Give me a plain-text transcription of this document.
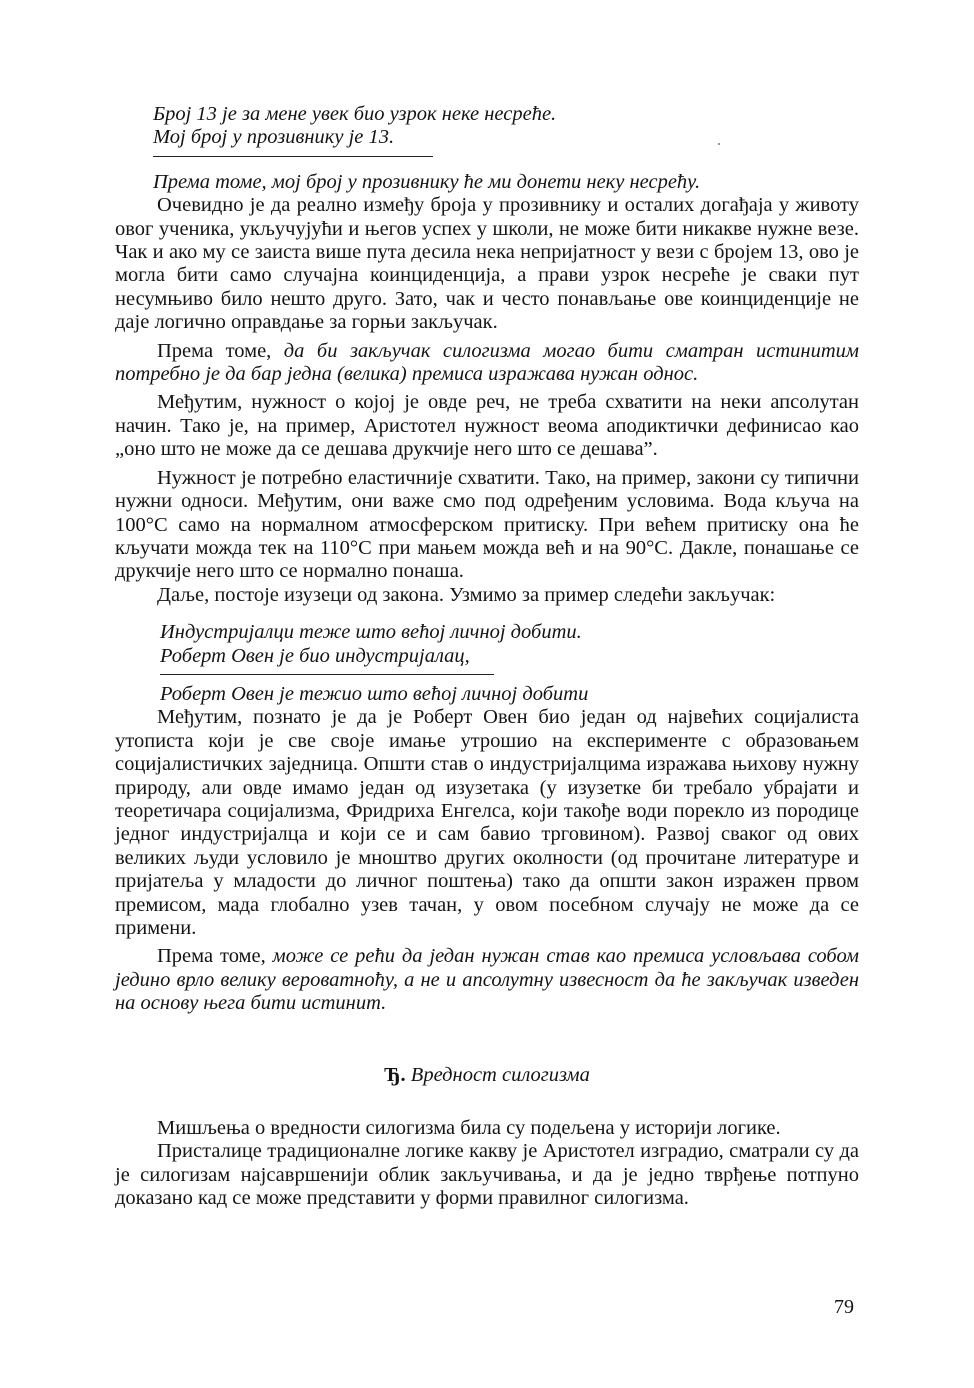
Број 13 је за мене увек био узрок неке несреће.
Мој број у прозивнику је 13.
Према томе, мој број у прозивнику ће ми донети неку несрећу.

Очевидно је да реално између броја у прозивнику и осталих догађаја у животу овог ученика, укључујући и његов успех у школи, не може бити никакве нужне везе. Чак и ако му се заиста више пута десила нека непријатност у вези с бројем 13, ово је могла бити само случајна коинциденција, а прави узрок несреће је сваки пут несумњиво било нешто друго. Зато, чак и често понављање ове коинциденције не даје логично оправдање за горњи закључак.

Према томе, да би закључак силогизма могао бити сматран истинитим потребно је да бар једна (велика) премиса изражава нужан однос.

Међутим, нужност о којој је овде реч, не треба схватити на неки апсолутан начин. Тако је, на пример, Аристотел нужност веома аподиктички дефинисао као „оно што не може да се дешава друкчије него што се дешава”.

Нужност је потребно еластичније схватити. Тако, на пример, закони су типични нужни односи. Међутим, они важе смо под одређеним условима. Вода кључа на 100°C само на нормалном атмосферском притиску. При већем притиску она ће кључати можда тек на 110°C при мањем можда већ и на 90°C. Дакле, понашање се друкчије него што се нормално понаша.

Даље, постоје изузеци од закона. Узмимо за пример следећи закључак:

Индустријалци теже што већој личној добити.
Роберт Овен је био индустријалац,
Роберт Овен је тежио што већој личној добити

Међутим, познато је да је Роберт Овен био један од највећих социјалиста утописта који је све своје имање утрошио на експерименте с образовањем социјалистичких заједница. Општи став о индустријалцима изражава њихову нужну природу, али овде имамо један од изузетака (у изузетке би требало убрајати и теоретичара социјализма, Фридриха Енгелса, који такође води порекло из породице једног индустријалца и који се и сам бавио трговином). Развој сваког од ових великих људи условило је мноштво других околности (од прочитане литературе и пријатеља у младости до личног поштења) тако да општи закон изражен првом премисом, мада глобално узев тачан, у овом посебном случају не може да се примени.

Према томе, може се рећи да један нужан став као премиса условљава собом једино врло велику вероватноћу, а не и апсолутну извесност да ће закључак изведен на основу њега бити истинит.

Ђ. Вредност силогизма

Мишљења о вредности силогизма била су подељена у историји логике.

Присталице традиционалне логике какву је Аристотел изградио, сматрали су да је силогизам најсавршенији облик закључивања, и да је једно тврђење потпуно доказано кад се може представити у форми правилног силогизма.

79
